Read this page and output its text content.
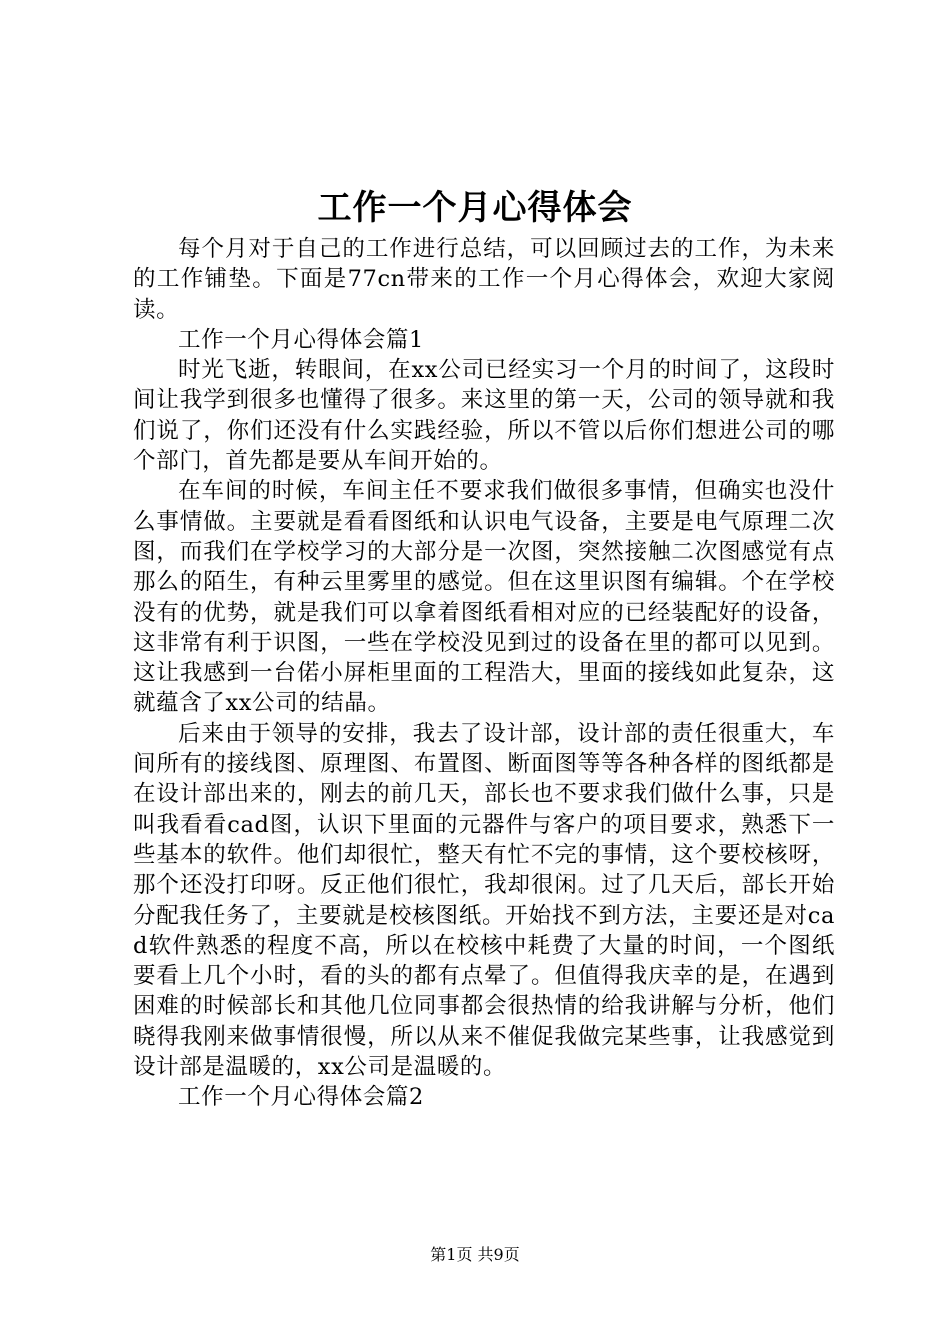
工作一个月心得体会

每个月对于自己的工作进行总结，可以回顾过去的工作，为未来的工作铺垫。下面是77cn带来的工作一个月心得体会，欢迎大家阅读。

工作一个月心得体会篇1

时光飞逝，转眼间，在xx公司已经实习一个月的时间了，这段时间让我学到很多也懂得了很多。来这里的第一天，公司的领导就和我们说了，你们还没有什么实践经验，所以不管以后你们想进公司的哪个部门，首先都是要从车间开始的。

在车间的时候，车间主任不要求我们做很多事情，但确实也没什么事情做。主要就是看看图纸和认识电气设备，主要是电气原理二次图，而我们在学校学习的大部分是一次图，突然接触二次图感觉有点那么的陌生，有种云里雾里的感觉。但在这里识图有编辑。个在学校没有的优势，就是我们可以拿着图纸看相对应的已经装配好的设备，这非常有利于识图，一些在学校没见到过的设备在里的都可以见到。这让我感到一台偌小屏柜里面的工程浩大，里面的接线如此复杂，这就蕴含了xx公司的结晶。

后来由于领导的安排，我去了设计部，设计部的责任很重大，车间所有的接线图、原理图、布置图、断面图等等各种各样的图纸都是在设计部出来的，刚去的前几天，部长也不要求我们做什么事，只是叫我看看cad图，认识下里面的元器件与客户的项目要求，熟悉下一些基本的软件。他们却很忙，整天有忙不完的事情，这个要校核呀，那个还没打印呀。反正他们很忙，我却很闲。过了几天后，部长开始分配我任务了，主要就是校核图纸。开始找不到方法，主要还是对cad软件熟悉的程度不高，所以在校核中耗费了大量的时间，一个图纸要看上几个小时，看的头的都有点晕了。但值得我庆幸的是，在遇到困难的时候部长和其他几位同事都会很热情的给我讲解与分析，他们晓得我刚来做事情很慢，所以从来不催促我做完某些事，让我感觉到设计部是温暖的，xx公司是温暖的。

工作一个月心得体会篇2

第1页 共9页
